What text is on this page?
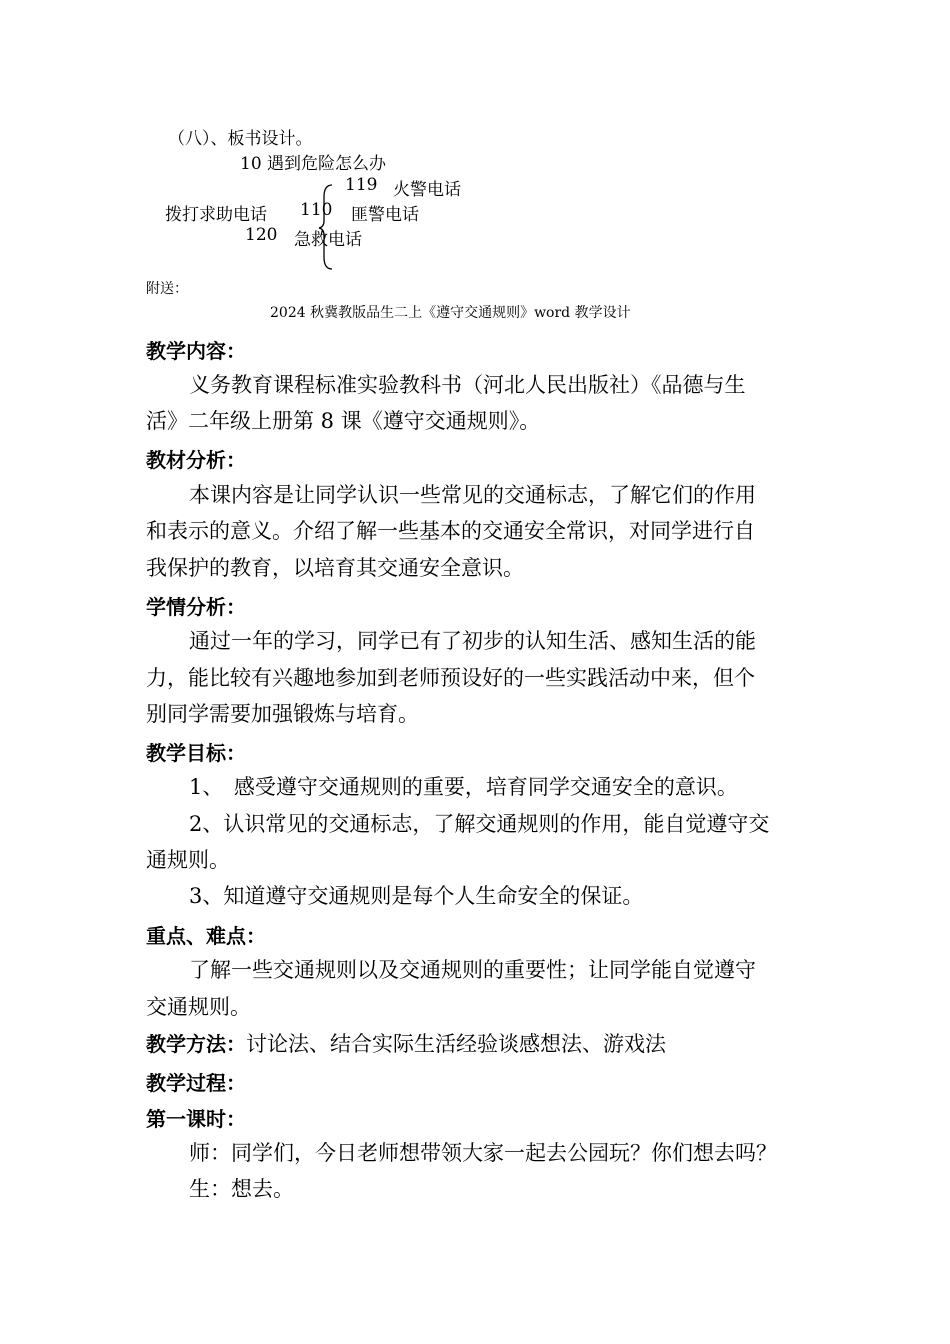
（八）、板书设计。
10 遇到危险怎么办
119 火警电话
拨打求助电话 110 匪警电话
120 急救电话
附送：
2024 秋冀教版品生二上《遵守交通规则》word 教学设计
教学内容：
义务教育课程标准实验教科书（河北人民出版社）《品德与生
活》二年级上册第 8 课《遵守交通规则》。
教材分析：
本课内容是让同学认识一些常见的交通标志，了解它们的作用
和表示的意义。介绍了解一些基本的交通安全常识，对同学进行自
我保护的教育，以培育其交通安全意识。
学情分析：
通过一年的学习，同学已有了初步的认知生活、感知生活的能
力，能比较有兴趣地参加到老师预设好的一些实践活动中来，但个
别同学需要加强锻炼与培育。
教学目标：
1、　感受遵守交通规则的重要，培育同学交通安全的意识。
2、认识常见的交通标志，了解交通规则的作用，能自觉遵守交
通规则。
3、知道遵守交通规则是每个人生命安全的保证。
重点、难点：
了解一些交通规则以及交通规则的重要性；让同学能自觉遵守
交通规则。
教学方法：讨论法、结合实际生活经验谈感想法、游戏法
教学过程：
第一课时：
师：同学们，今日老师想带领大家一起去公园玩？你们想去吗？
生：想去。
